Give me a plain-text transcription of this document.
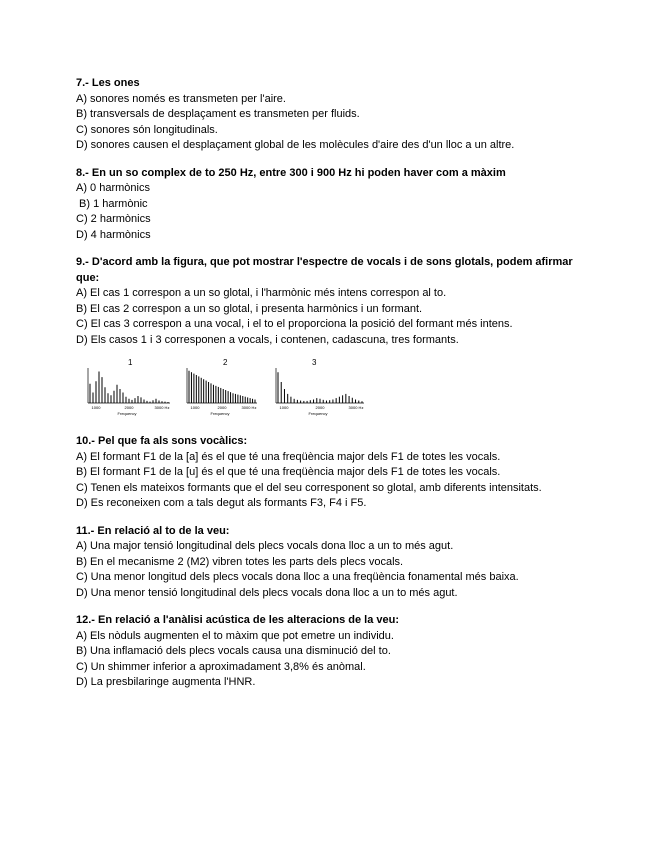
7.- Les ones
A) sonores només es transmeten per l'aire.
B) transversals de desplaçament es transmeten per fluids.
C) sonores són longitudinals.
D) sonores causen el desplaçament global de les molècules d'aire des d'un lloc a un altre.
8.- En un so complex de to 250 Hz, entre 300 i 900 Hz hi poden haver com a màxim
A) 0 harmònics
B) 1 harmònic
C) 2 harmònics
D) 4 harmònics
9.- D'acord amb la figura, que pot mostrar l'espectre de vocals i de sons glotals, podem afirmar que:
A) El cas 1 correspon a un so glotal, i l'harmònic més intens correspon al to.
B) El cas 2 correspon a un so glotal, i presenta harmònics i un formant.
C) El cas 3 correspon a una vocal, i el to el proporciona la posició del formant més intens.
D) Els casos 1 i 3 corresponen a vocals, i contenen, cadascuna, tres formants.
1
1000	2000	3000 Hz
Frequency
2
1000	2000	3000 Hz
Frequency
3
1000	2000	3000 Hz
Frequency
10.- Pel que fa als sons vocàlics:
A) El formant F1 de la [a] és el que té una freqüència major dels F1 de totes les vocals.
B) El formant F1 de la [u] és el que té una freqüència major dels F1 de totes les vocals.
C) Tenen els mateixos formants que el del seu corresponent so glotal, amb diferents intensitats.
D) Es reconeixen com a tals degut als formants F3, F4 i F5.
11.- En relació al to de la veu:
A) Una major tensió longitudinal dels plecs vocals dona lloc a un to més agut.
B) En el mecanisme 2 (M2) vibren totes les parts dels plecs vocals.
C) Una menor longitud dels plecs vocals dona lloc a una freqüència fonamental més baixa.
D) Una menor tensió longitudinal dels plecs vocals dona lloc a un to més agut.
12.- En relació a l'anàlisi acústica de les alteracions de la veu:
A) Els nòduls augmenten el to màxim que pot emetre un individu.
B) Una inflamació dels plecs vocals causa una disminució del to.
C) Un shimmer inferior a aproximadament 3,8% és anòmal.
D) La presbilaringe augmenta l'HNR.
